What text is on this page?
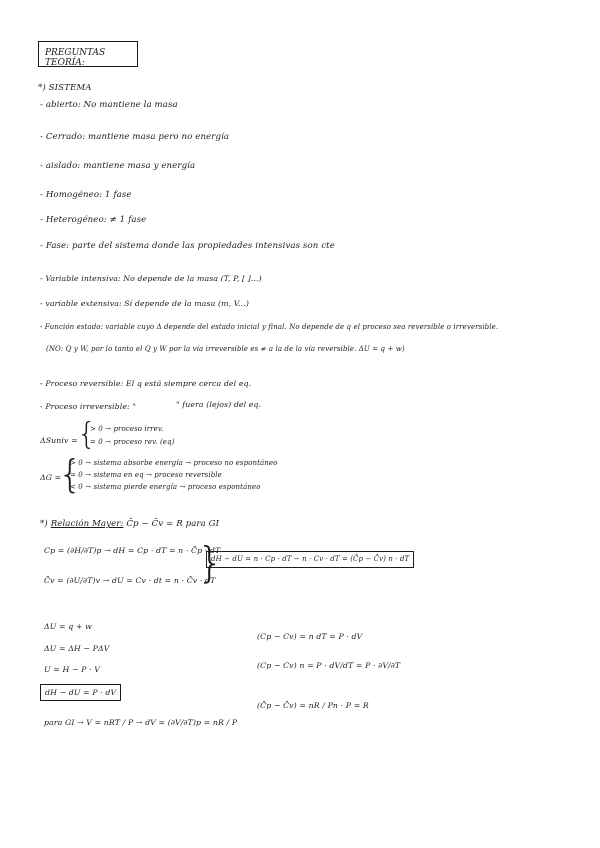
PREGUNTAS TEORÍA:
*) SISTEMA
- abierto: No mantiene la masa
- Cerrado: mantiene masa pero no energía
- aislado: mantiene masa y energía
- Homogéneo: 1 fase
- Heterogéneo: ≠ 1 fase
- Fase: parte del sistema donde las propiedades intensivas son cte
- Variable intensiva: No depende de la masa (T, P, [ ]...)
- variable extensiva: Sí depende de la masa (m, V...)
- Función estado: variable cuyo Δ depende del estado inicial y final. No depende de q el proceso sea reversible o irreversible.
(NO: Q y W, por lo tanto el Q y W por la vía irreversible es ≠ a la de la vía reversible. ΔU = q + w)
- Proceso reversible: El q está siempre cerca del eq.
- Proceso irreversible: "	" fuera (lejos) del eq.
ΔSuniv = {
> 0 → proceso irrev.
= 0 → proceso rev. (eq)
ΔG =
{
> 0 → sistema absorbe energía → proceso no espontáneo
= 0 → sistema en eq → proceso reversible
< 0 → sistema pierde energía → proceso espontáneo
*) Relación Mayer: C̄p − C̄v = R para GI
Cp = (∂H/∂T)p → dH = Cp · dT = n · C̄p · dT
C̄v = (∂U/∂T)v → dU = Cv · dt = n · C̄v · dT
}
dH − dU = n · Cp · dT − n · Cv · dT = (C̄p − C̄v) n · dT
ΔU = q + w
ΔU = ΔH − PΔV
U = H − P · V
dH − dU = P · dV
para GI → V = nRT / P → dV = (∂V/∂T)p = nR / P
(Cp − Cv) = n dT = P · dV
(Cp − Cv) n = P · dV/dT = P · ∂V/∂T
(C̄p − C̄v) = nR / Pn · P = R
